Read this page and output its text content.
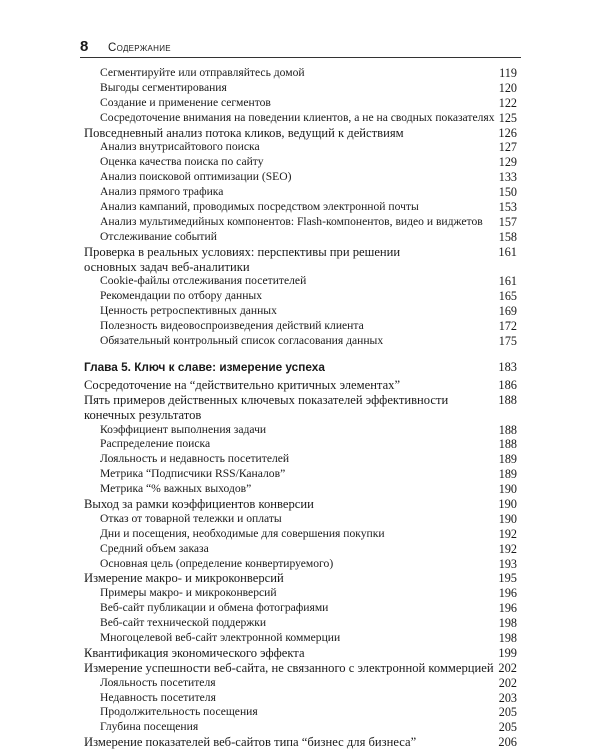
8 Содержание
Сегментируйте или отправляйтесь домой	119
Выгоды сегментирования	120
Создание и применение сегментов	122
Сосредоточение внимания на поведении клиентов, а не на сводных показателях 125
Повседневный анализ потока кликов, ведущий к действиям	126
Анализ внутрисайтового поиска	127
Оценка качества поиска по сайту	129
Анализ поисковой оптимизации (SEO)	133
Анализ прямого трафика	150
Анализ кампаний, проводимых посредством электронной почты	153
Анализ мультимедийных компонентов: Flash-компонентов, видео и виджетов 157
Отслеживание событий	158
Проверка в реальных условиях: перспективы при решении основных задач веб-аналитики
161
Cookie-файлы отслеживания посетителей	161
Рекомендации по отбору данных	165
Ценность ретроспективных данных	169
Полезность видеовоспроизведения действий клиента	172
Обязательный контрольный список согласования данных	175
Глава 5. Ключ к славе: измерение успеха	183
Сосредоточение на “действительно критичных элементах”	186
Пять примеров действенных ключевых показателей эффективности конечных результатов
188
Коэффициент выполнения задачи	188
Распределение поиска	188
Лояльность и недавность посетителей	189
Метрика “Подписчики RSS/Каналов”	189
Метрика “% важных выходов”	190
Выход за рамки коэффициентов конверсии	190
Отказ от товарной тележки и оплаты	190
Дни и посещения, необходимые для совершения покупки	192
Средний объем заказа	192
Основная цель (определение конвертируемого)	193
Измерение макро- и микроконверсий	195
Примеры макро- и микроконверсий	196
Веб-сайт публикации и обмена фотографиями	196
Веб-сайт технической поддержки	198
Многоцелевой веб-сайт электронной коммерции	198
Квантификация экономического эффекта	199
Измерение успешности веб-сайта, не связанного с электронной коммерцией 202
Лояльность посетителя	202
Недавность посетителя	203
Продолжительность посещения	205
Глубина посещения	205
Измерение показателей веб-сайтов типа “бизнес для бизнеса”	206
